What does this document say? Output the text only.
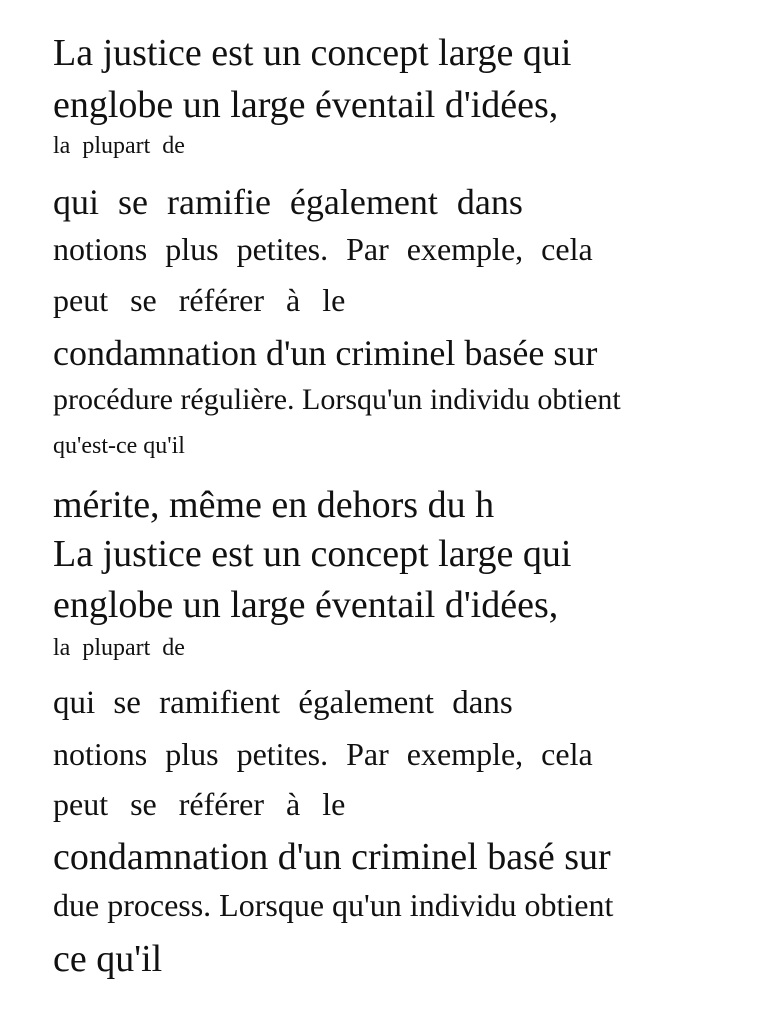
La justice est un concept large qui
englobe un large éventail d'idées,
la plupart de
qui se ramifie également dans
notions plus petites. Par exemple, cela
peut se référer à le
condamnation d'un criminel basée sur
procédure régulière. Lorsqu'un individu obtient
qu'est-ce qu'il
mérite, même en dehors du h
La justice est un concept large qui
englobe un large éventail d'idées,
la plupart de
qui se ramifient également dans
notions plus petites. Par exemple, cela
peut se référer à le
condamnation d'un criminel basé sur
due process. Lorsque qu'un individu obtient
ce qu'il
